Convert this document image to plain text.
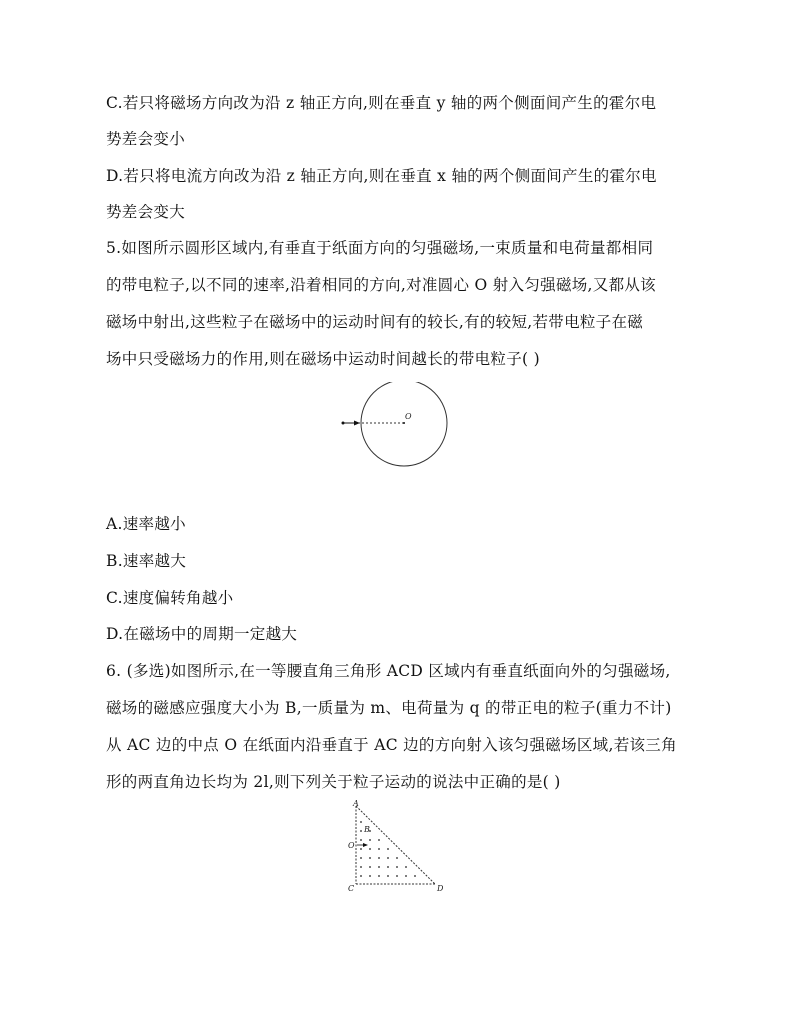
C.若只将磁场方向改为沿 z 轴正方向,则在垂直 y 轴的两个侧面间产生的霍尔电
势差会变小
D.若只将电流方向改为沿 z 轴正方向,则在垂直 x 轴的两个侧面间产生的霍尔电
势差会变大
5.如图所示圆形区域内,有垂直于纸面方向的匀强磁场,一束质量和电荷量都相同
的带电粒子,以不同的速率,沿着相同的方向,对准圆心 O 射入匀强磁场,又都从该
磁场中射出,这些粒子在磁场中的运动时间有的较长,有的较短,若带电粒子在磁
场中只受磁场力的作用,则在磁场中运动时间越长的带电粒子( )
O
A.速率越小
B.速率越大
C.速度偏转角越小
D.在磁场中的周期一定越大
6. (多选)如图所示,在一等腰直角三角形 ACD 区域内有垂直纸面向外的匀强磁场,
磁场的磁感应强度大小为 B,一质量为 m、电荷量为 q 的带正电的粒子(重力不计)
从 AC 边的中点 O 在纸面内沿垂直于 AC 边的方向射入该匀强磁场区域,若该三角
形的两直角边长均为 2l,则下列关于粒子运动的说法中正确的是( )
A
B
O
C	D
